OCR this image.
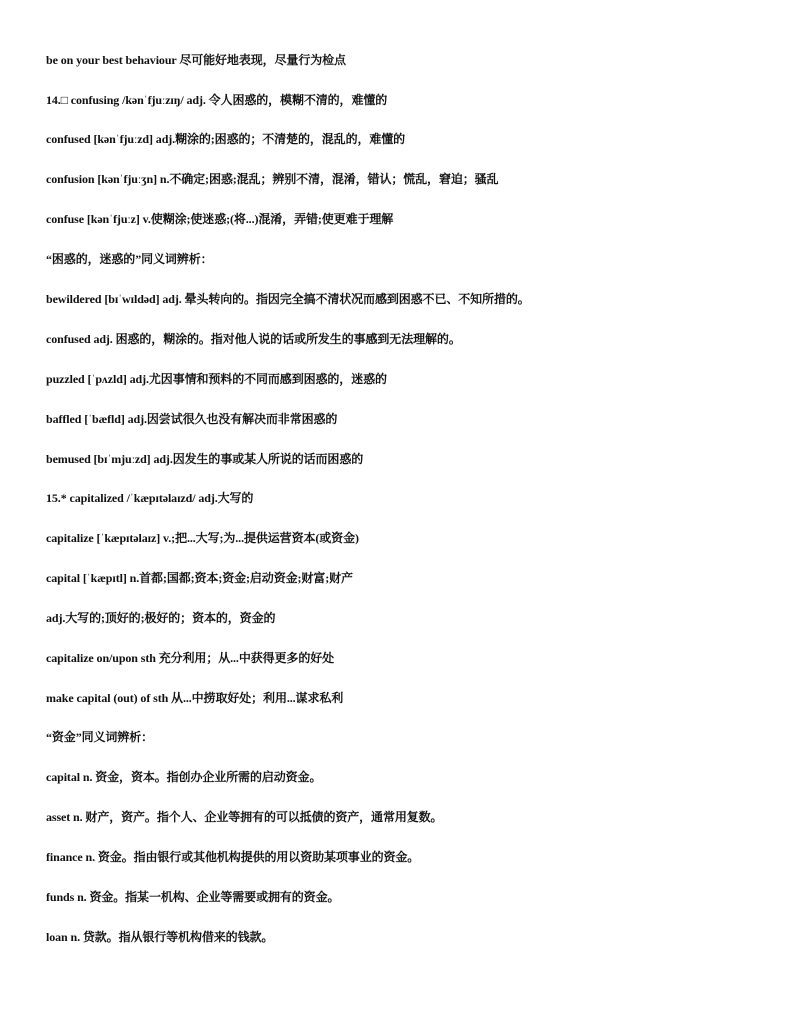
be on your best behaviour 尽可能好地表现，尽量行为检点
14.□ confusing /kənˈfjuːzɪŋ/ adj. 令人困惑的，模糊不清的，难懂的
confused [kənˈfjuːzd] adj.糊涂的;困惑的；不清楚的，混乱的，难懂的
confusion [kənˈfjuːʒn] n.不确定;困惑;混乱；辨别不清，混淆，错认；慌乱，窘迫；骚乱
confuse [kənˈfjuːz] v.使糊涂;使迷惑;(将...)混淆，弄错;使更难于理解
“困惑的，迷惑的”同义词辨析：
bewildered [bɪˈwɪldəd] adj. 晕头转向的。指因完全搞不清状况而感到困惑不已、不知所措的。
confused adj. 困惑的，糊涂的。指对他人说的话或所发生的事感到无法理解的。
puzzled [ˈpʌzld] adj.尤因事情和预料的不同而感到困惑的，迷惑的
baffled [ˈbæfld] adj.因尝试很久也没有解决而非常困惑的
bemused [bɪˈmjuːzd] adj.因发生的事或某人所说的话而困惑的
15.* capitalized /ˈkæpɪtəlaɪzd/ adj.大写的
capitalize [ˈkæpɪtəlaɪz] v.;把...大写;为...提供运营资本(或资金)
capital [ˈkæpɪtl] n.首都;国都;资本;资金;启动资金;财富;财产
adj.大写的;顶好的;极好的；资本的，资金的
capitalize on/upon sth 充分利用；从...中获得更多的好处
make capital (out) of sth 从...中捞取好处；利用...谋求私利
“资金”同义词辨析：
capital n. 资金，资本。指创办企业所需的启动资金。
asset n. 财产，资产。指个人、企业等拥有的可以抵债的资产，通常用复数。
finance n. 资金。指由银行或其他机构提供的用以资助某项事业的资金。
funds n. 资金。指某一机构、企业等需要或拥有的资金。
loan n. 贷款。指从银行等机构借来的钱款。
